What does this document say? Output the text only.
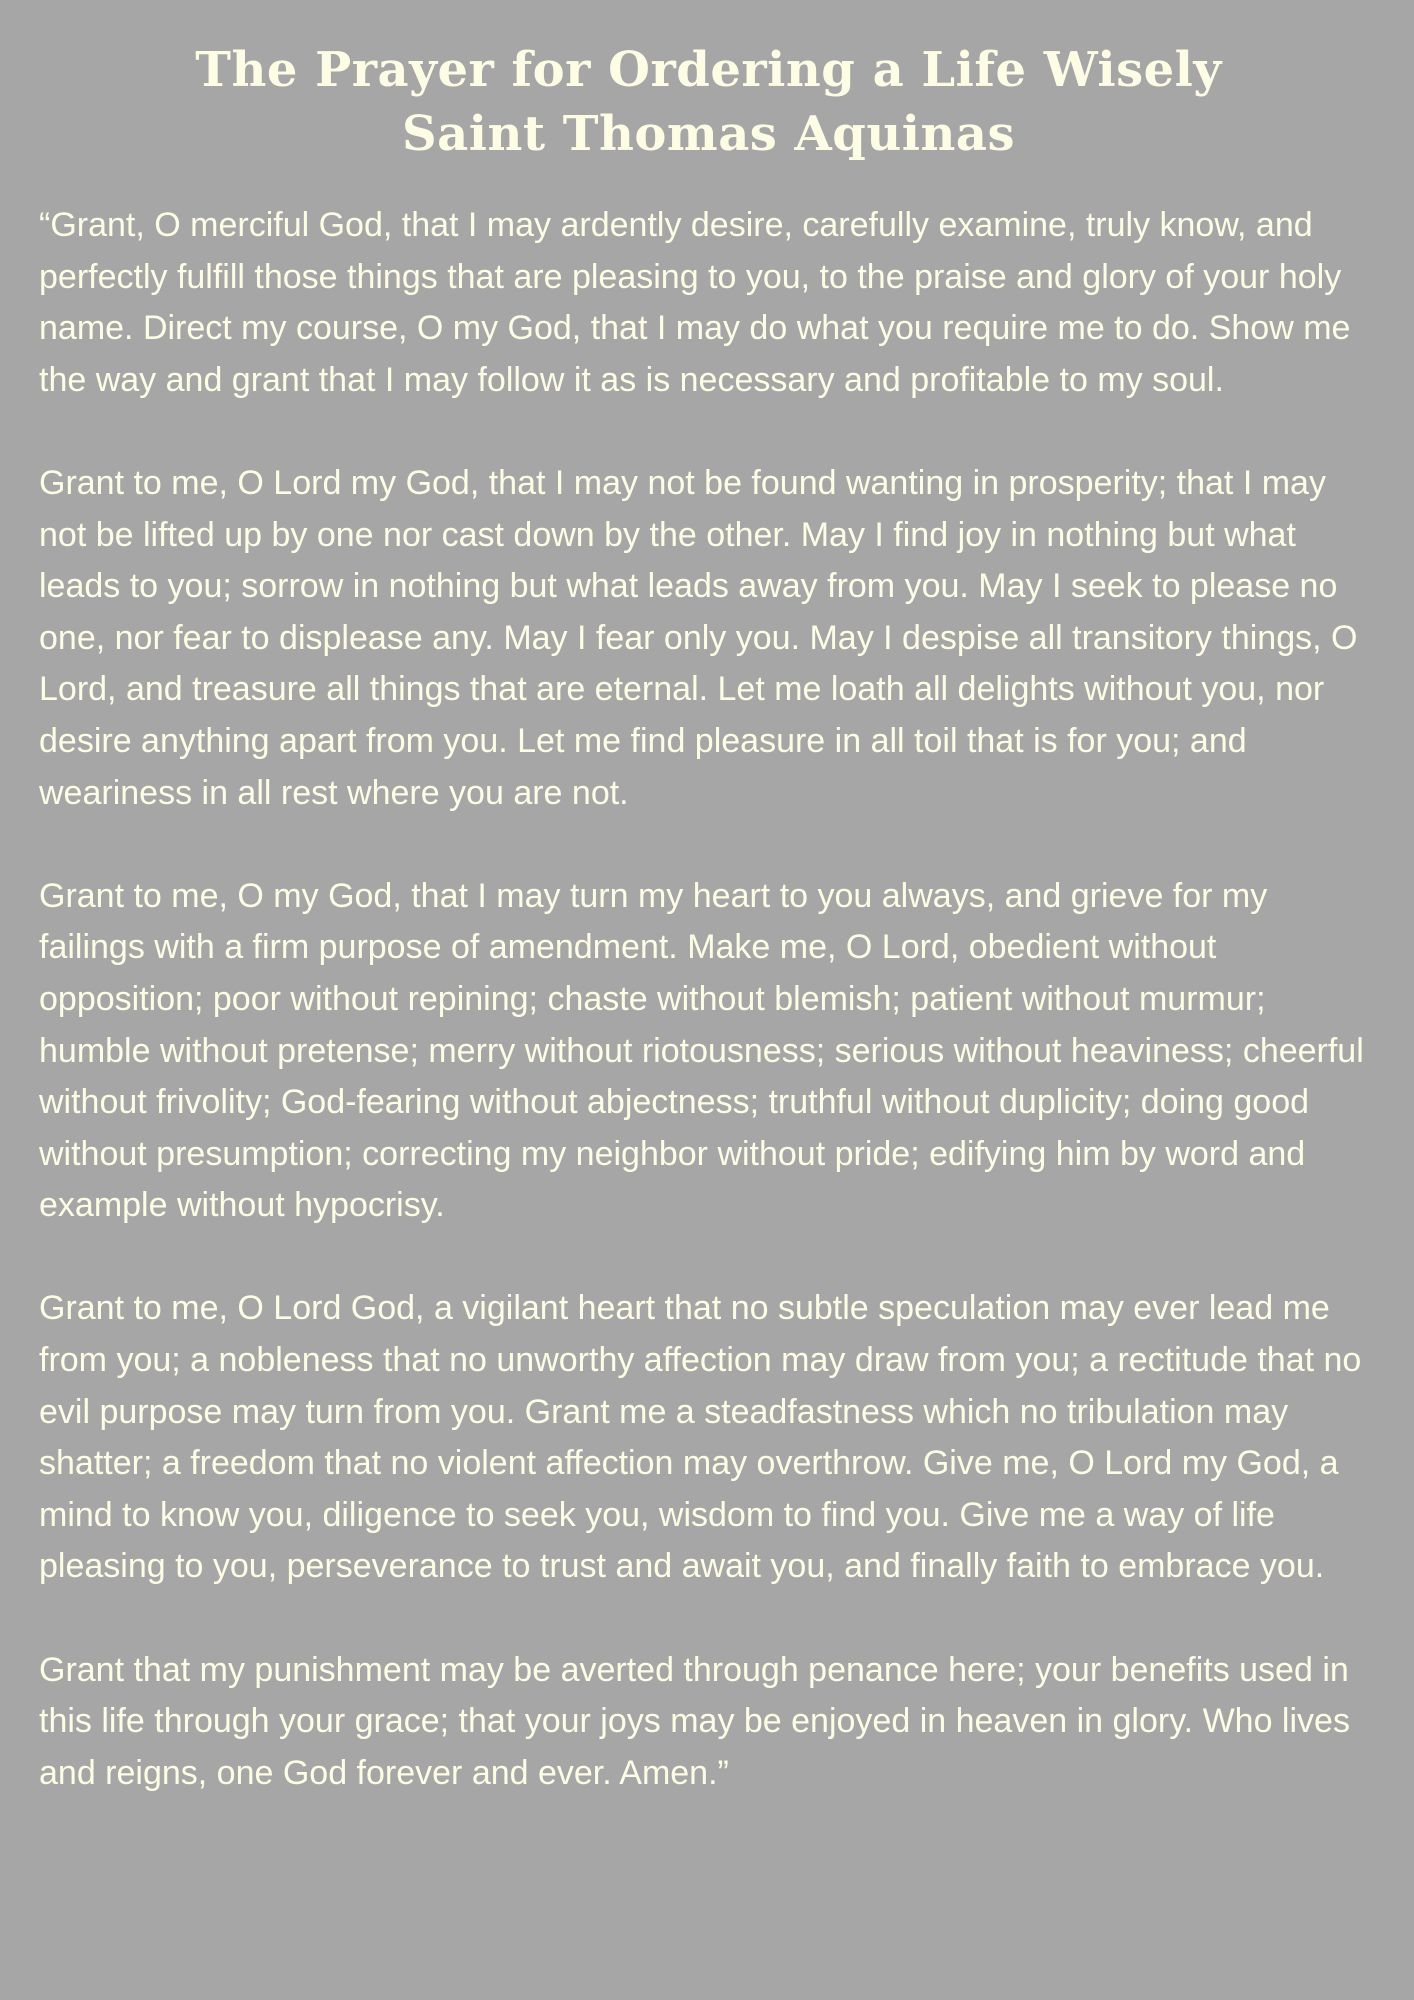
The Prayer for Ordering a Life Wisely
Saint Thomas Aquinas

“Grant, O merciful God, that I may ardently desire, carefully examine, truly know, and perfectly fulfill those things that are pleasing to you, to the praise and glory of your holy name. Direct my course, O my God, that I may do what you require me to do. Show me the way and grant that I may follow it as is necessary and profitable to my soul.

Grant to me, O Lord my God, that I may not be found wanting in prosperity; that I may not be lifted up by one nor cast down by the other. May I find joy in nothing but what leads to you; sorrow in nothing but what leads away from you. May I seek to please no one, nor fear to displease any. May I fear only you. May I despise all transitory things, O Lord, and treasure all things that are eternal. Let me loath all delights without you, nor desire anything apart from you. Let me find pleasure in all toil that is for you; and weariness in all rest where you are not.

Grant to me, O my God, that I may turn my heart to you always, and grieve for my failings with a firm purpose of amendment. Make me, O Lord, obedient without opposition; poor without repining; chaste without blemish; patient without murmur; humble without pretense; merry without riotousness; serious without heaviness; cheerful without frivolity; God-fearing without abjectness; truthful without duplicity; doing good without presumption; correcting my neighbor without pride; edifying him by word and example without hypocrisy.

Grant to me, O Lord God, a vigilant heart that no subtle speculation may ever lead me from you; a nobleness that no unworthy affection may draw from you; a rectitude that no evil purpose may turn from you. Grant me a steadfastness which no tribulation may shatter; a freedom that no violent affection may overthrow. Give me, O Lord my God, a mind to know you, diligence to seek you, wisdom to find you. Give me a way of life pleasing to you, perseverance to trust and await you, and finally faith to embrace you.

Grant that my punishment may be averted through penance here; your benefits used in this life through your grace; that your joys may be enjoyed in heaven in glory. Who lives and reigns, one God forever and ever. Amen.”
